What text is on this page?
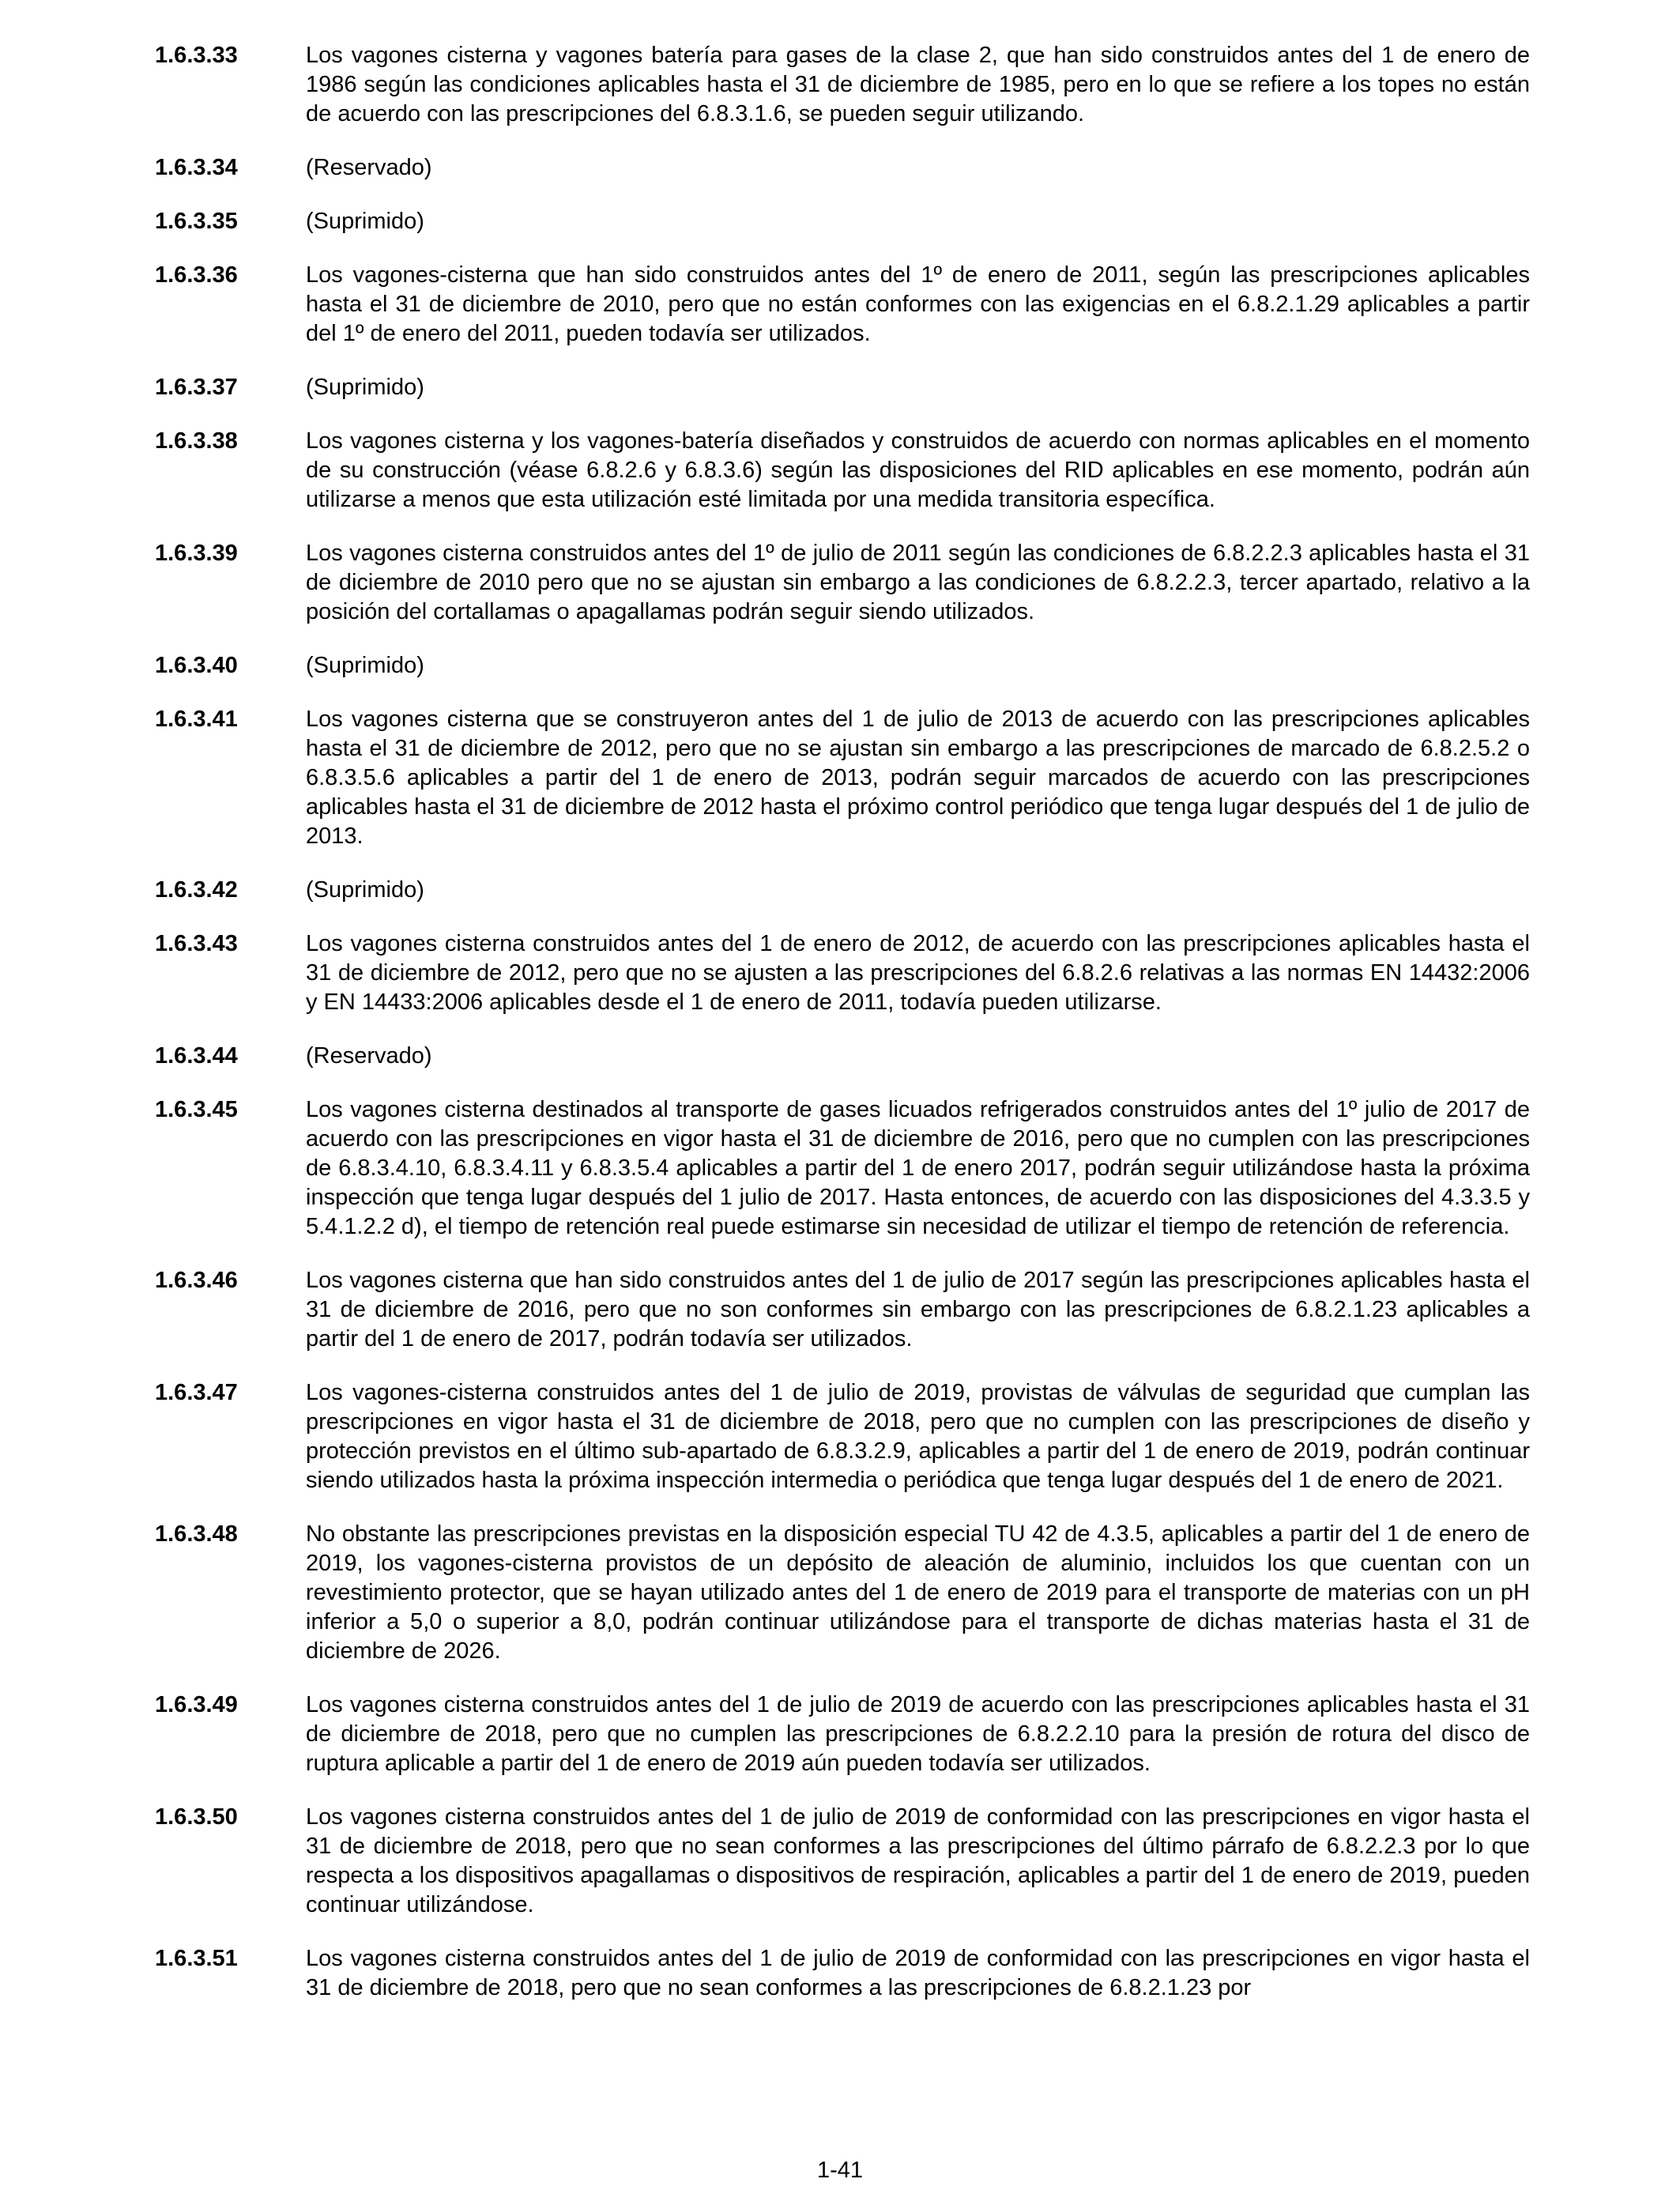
1.6.3.33	Los vagones cisterna y vagones batería para gases de la clase 2, que han sido construidos antes del 1 de enero de 1986 según las condiciones aplicables hasta el 31 de diciembre de 1985, pero en lo que se refiere a los topes no están de acuerdo con las prescripciones del 6.8.3.1.6, se pueden seguir utilizando.
1.6.3.34	(Reservado)
1.6.3.35	(Suprimido)
1.6.3.36	Los vagones-cisterna que han sido construidos antes del 1º de enero de 2011, según las prescripciones aplicables hasta el 31 de diciembre de 2010, pero que no están conformes con las exigencias en el 6.8.2.1.29 aplicables a partir del 1º de enero del 2011, pueden todavía ser utilizados.
1.6.3.37	(Suprimido)
1.6.3.38	Los vagones cisterna y los vagones-batería diseñados y construidos de acuerdo con normas aplicables en el momento de su construcción (véase 6.8.2.6 y 6.8.3.6) según las disposiciones del RID aplicables en ese momento, podrán aún utilizarse a menos que esta utilización esté limitada por una medida transitoria específica.
1.6.3.39	Los vagones cisterna construidos antes del 1º de julio de 2011 según las condiciones de 6.8.2.2.3 aplicables hasta el 31 de diciembre de 2010 pero que no se ajustan sin embargo a las condiciones de 6.8.2.2.3, tercer apartado, relativo a la posición del cortallamas o apagallamas podrán seguir siendo utilizados.
1.6.3.40	(Suprimido)
1.6.3.41	Los vagones cisterna que se construyeron antes del 1 de julio de 2013 de acuerdo con las prescripciones aplicables hasta el 31 de diciembre de 2012, pero que no se ajustan sin embargo a las prescripciones de marcado de 6.8.2.5.2 o 6.8.3.5.6 aplicables a partir del 1 de enero de 2013, podrán seguir marcados de acuerdo con las prescripciones aplicables hasta el 31 de diciembre de 2012 hasta el próximo control periódico que tenga lugar después del 1 de julio de 2013.
1.6.3.42	(Suprimido)
1.6.3.43	Los vagones cisterna construidos antes del 1 de enero de 2012, de acuerdo con las prescripciones aplicables hasta el 31 de diciembre de 2012, pero que no se ajusten a las prescripciones del 6.8.2.6 relativas a las normas EN 14432:2006 y EN 14433:2006 aplicables desde el 1 de enero de 2011, todavía pueden utilizarse.
1.6.3.44	(Reservado)
1.6.3.45	Los vagones cisterna destinados al transporte de gases licuados refrigerados construidos antes del 1º julio de 2017 de acuerdo con las prescripciones en vigor hasta el 31 de diciembre de 2016, pero que no cumplen con las prescripciones de 6.8.3.4.10, 6.8.3.4.11 y 6.8.3.5.4 aplicables a partir del 1 de enero 2017, podrán seguir utilizándose hasta la próxima inspección que tenga lugar después del 1 julio de 2017. Hasta entonces, de acuerdo con las disposiciones del 4.3.3.5 y 5.4.1.2.2 d), el tiempo de retención real puede estimarse sin necesidad de utilizar el tiempo de retención de referencia.
1.6.3.46	Los vagones cisterna que han sido construidos antes del 1 de julio de 2017 según las prescripciones aplicables hasta el 31 de diciembre de 2016, pero que no son conformes sin embargo con las prescripciones de 6.8.2.1.23 aplicables a partir del 1 de enero de 2017, podrán todavía ser utilizados.
1.6.3.47	Los vagones-cisterna construidos antes del 1 de julio de 2019, provistas de válvulas de seguridad que cumplan las prescripciones en vigor hasta el 31 de diciembre de 2018, pero que no cumplen con las prescripciones de diseño y protección previstos en el último sub-apartado de 6.8.3.2.9, aplicables a partir del 1 de enero de 2019, podrán continuar siendo utilizados hasta la próxima inspección intermedia o periódica que tenga lugar después del 1 de enero de 2021.
1.6.3.48	No obstante las prescripciones previstas en la disposición especial TU 42 de 4.3.5, aplicables a partir del 1 de enero de 2019, los vagones-cisterna provistos de un depósito de aleación de aluminio, incluidos los que cuentan con un revestimiento protector, que se hayan utilizado antes del 1 de enero de 2019 para el transporte de materias con un pH inferior a 5,0 o superior a 8,0, podrán continuar utilizándose para el transporte de dichas materias hasta el 31 de diciembre de 2026.
1.6.3.49	Los vagones cisterna construidos antes del 1 de julio de 2019 de acuerdo con las prescripciones aplicables hasta el 31 de diciembre de 2018, pero que no cumplen las prescripciones de 6.8.2.2.10 para la presión de rotura del disco de ruptura aplicable a partir del 1 de enero de 2019 aún pueden todavía ser utilizados.
1.6.3.50	Los vagones cisterna construidos antes del 1 de julio de 2019 de conformidad con las prescripciones en vigor hasta el 31 de diciembre de 2018, pero que no sean conformes a las prescripciones del último párrafo de 6.8.2.2.3 por lo que respecta a los dispositivos apagallamas o dispositivos de respiración, aplicables a partir del 1 de enero de 2019, pueden continuar utilizándose.
1.6.3.51	Los vagones cisterna construidos antes del 1 de julio de 2019 de conformidad con las prescripciones en vigor hasta el 31 de diciembre de 2018, pero que no sean conformes a las prescripciones de 6.8.2.1.23 por
1-41
